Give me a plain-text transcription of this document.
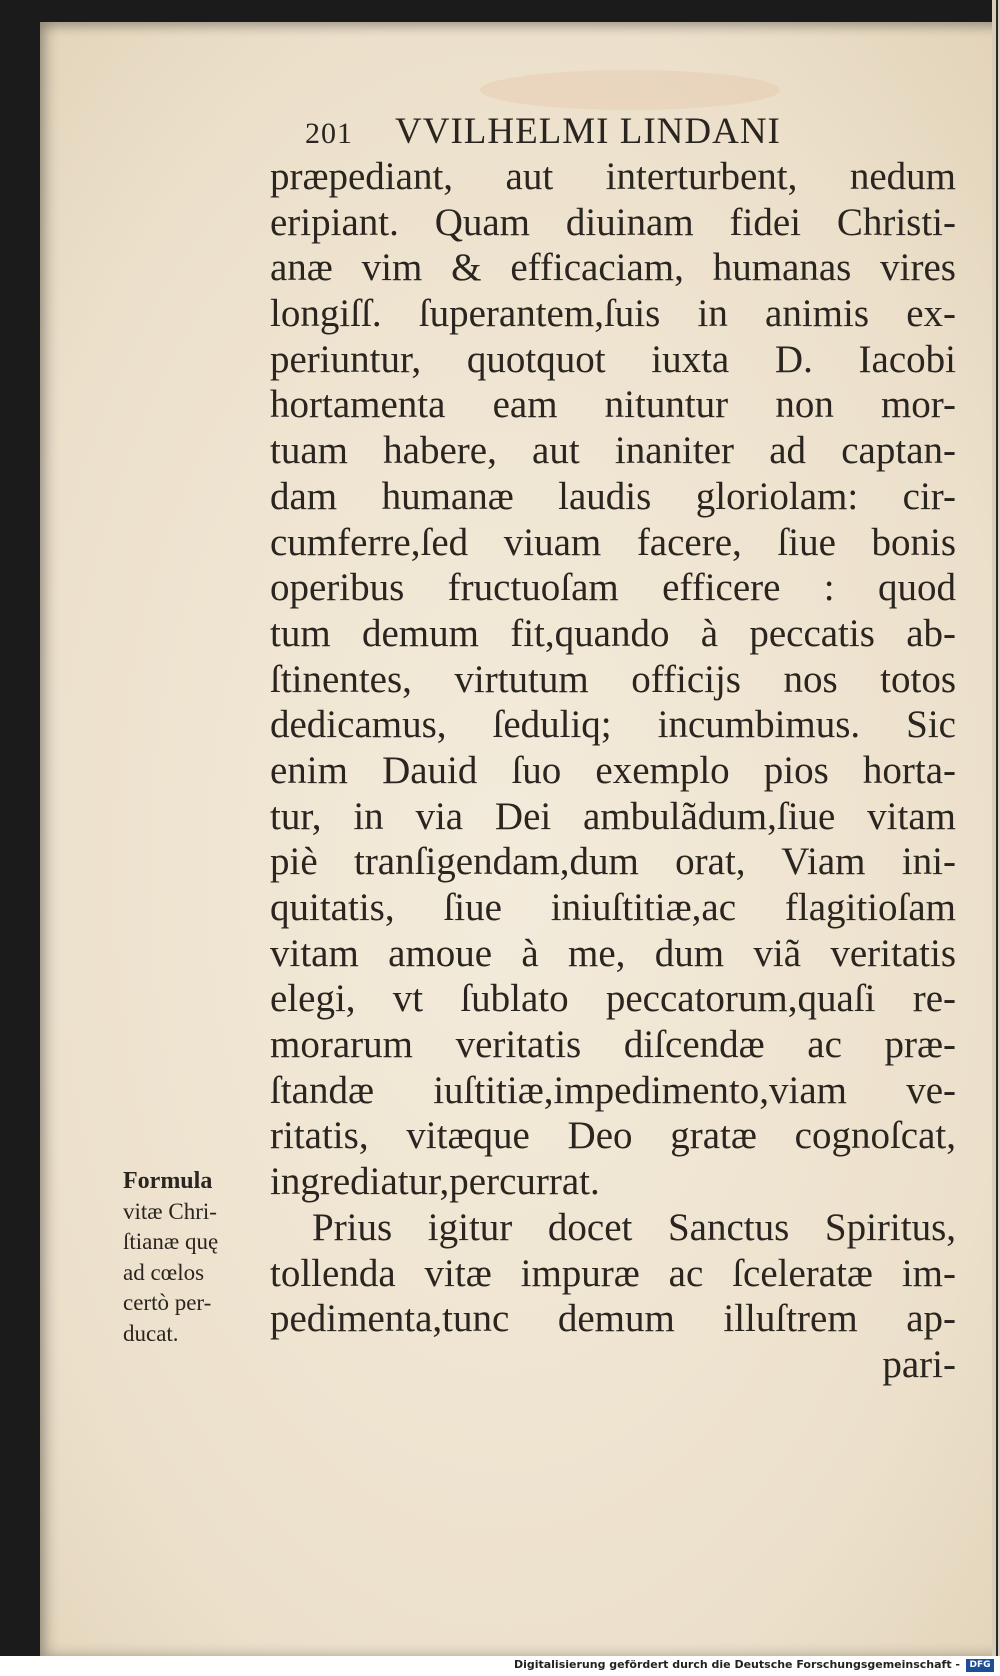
201 VVILHELMI LINDANI
præpediant, aut interturbent, nedum
eripiant. Quam diuinam fidei Christi-
anæ vim & efficaciam, humanas vires
longiſſ. ſuperantem,ſuis in animis ex-
periuntur, quotquot iuxta D. Iacobi
hortamenta eam nituntur non mor-
tuam habere, aut inaniter ad captan-
dam humanæ laudis gloriolam: cir-
cumferre,ſed viuam facere, ſiue bonis
operibus fructuoſam efficere : quod
tum demum fit,quando à peccatis ab-
ſtinentes, virtutum officijs nos totos
dedicamus, ſeduliq; incumbimus. Sic
enim Dauid ſuo exemplo pios horta-
tur, in via Dei ambulãdum,ſiue vitam
piè tranſigendam,dum orat, Viam ini-
quitatis, ſiue iniuſtitiæ,ac flagitioſam
vitam amoue à me, dum viã veritatis
elegi, vt ſublato peccatorum,quaſi re-
morarum veritatis diſcendæ ac præ-
ſtandæ iuſtitiæ,impedimento,viam ve-
ritatis, vitæque Deo gratæ cognoſcat,
ingrediatur,percurrat.
Prius igitur docet Sanctus Spiritus,
tollenda vitæ impuræ ac ſceleratæ im-
pedimenta,tunc demum illuſtrem ap-
pari-
Formula
vitæ Chri-
ſtianæ quę
ad cœlos
certò per-
ducat.
Digitalisierung gefördert durch die Deutsche Forschungsgemeinschaft -	DFG
